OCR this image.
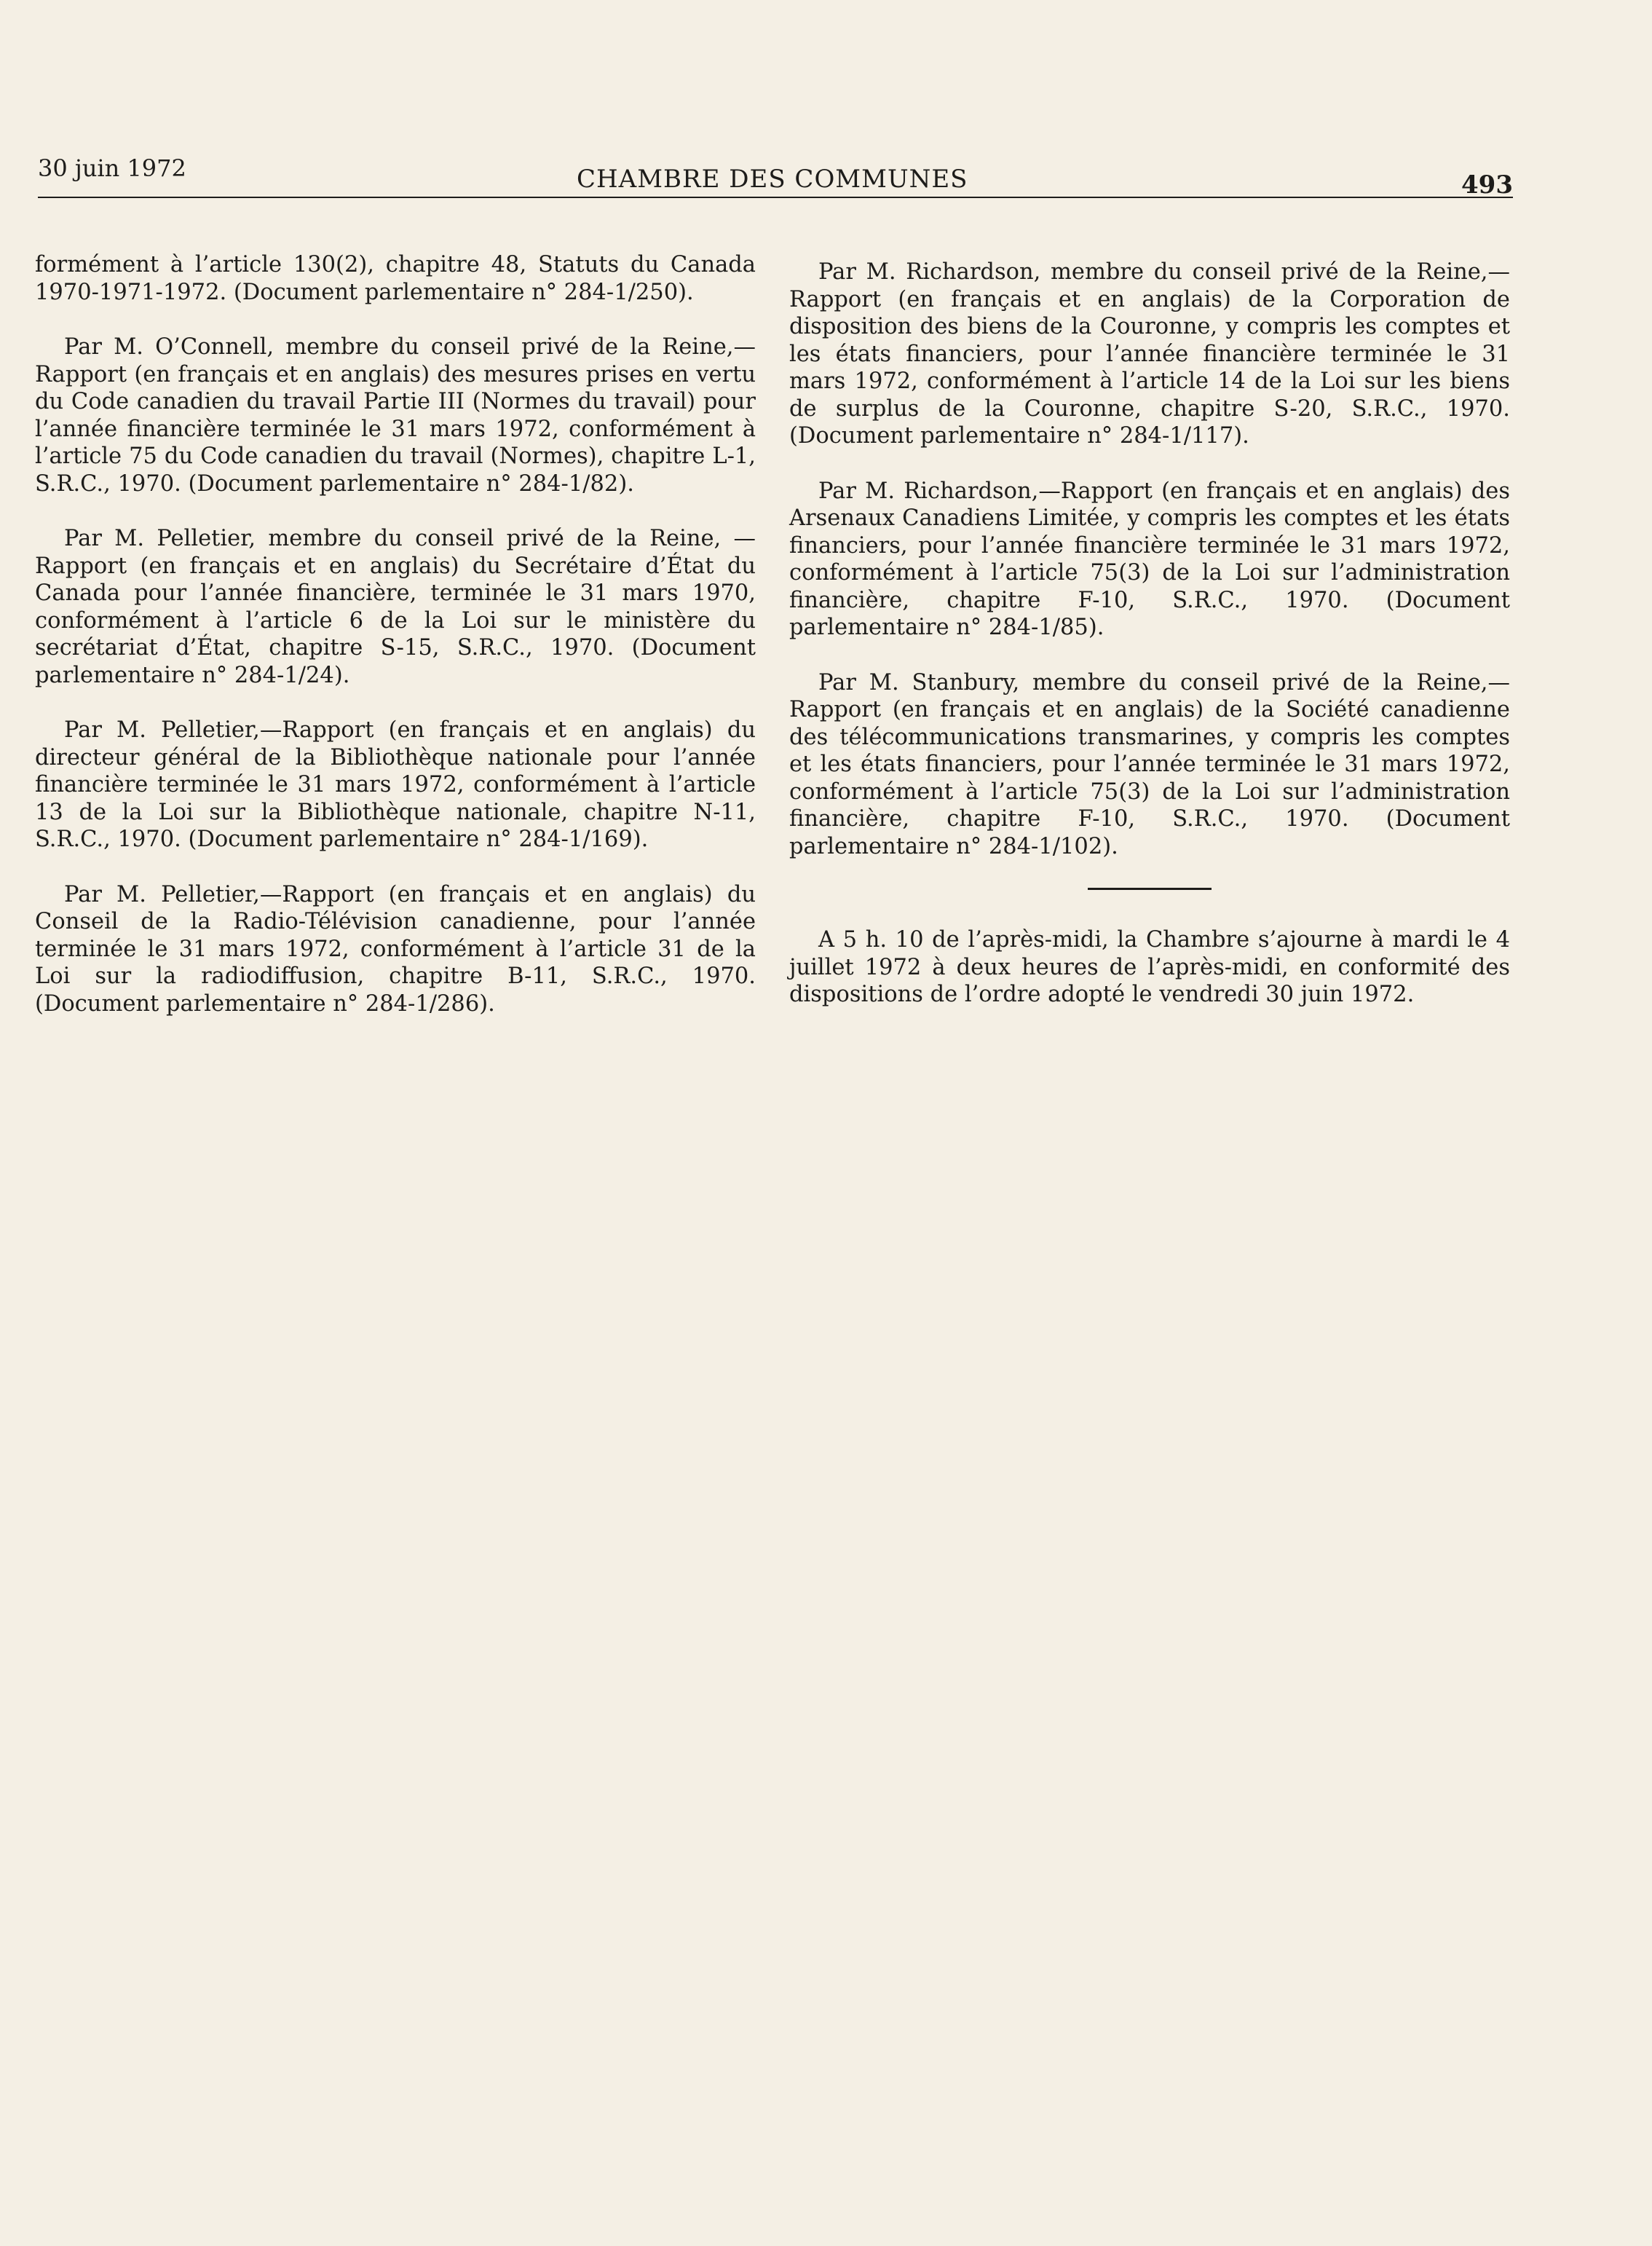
30 juin 1972	CHAMBRE DES COMMUNES	493

formément à l’article 130(2), chapitre 48, Statuts du Canada 1970-1971-1972. (Document parlementaire n° 284-1/250).

Par M. O’Connell, membre du conseil privé de la Reine,—Rapport (en français et en anglais) des mesures prises en vertu du Code canadien du travail Partie III (Normes du travail) pour l’année financière terminée le 31 mars 1972, conformément à l’article 75 du Code canadien du travail (Normes), chapitre L-1, S.R.C., 1970. (Document parlementaire n° 284-1/82).

Par M. Pelletier, membre du conseil privé de la Reine, —Rapport (en français et en anglais) du Secrétaire d’État du Canada pour l’année financière, terminée le 31 mars 1970, conformément à l’article 6 de la Loi sur le ministère du secrétariat d’État, chapitre S-15, S.R.C., 1970. (Document parlementaire n° 284-1/24).

Par M. Pelletier,—Rapport (en français et en anglais) du directeur général de la Bibliothèque nationale pour l’année financière terminée le 31 mars 1972, conformément à l’article 13 de la Loi sur la Bibliothèque nationale, chapitre N-11, S.R.C., 1970. (Document parlementaire n° 284-1/169).

Par M. Pelletier,—Rapport (en français et en anglais) du Conseil de la Radio-Télévision canadienne, pour l’année terminée le 31 mars 1972, conformément à l’article 31 de la Loi sur la radiodiffusion, chapitre B-11, S.R.C., 1970. (Document parlementaire n° 284-1/286).

Par M. Richardson, membre du conseil privé de la Reine,—Rapport (en français et en anglais) de la Corporation de disposition des biens de la Couronne, y compris les comptes et les états financiers, pour l’année financière terminée le 31 mars 1972, conformément à l’article 14 de la Loi sur les biens de surplus de la Couronne, chapitre S-20, S.R.C., 1970. (Document parlementaire n° 284-1/117).

Par M. Richardson,—Rapport (en français et en anglais) des Arsenaux Canadiens Limitée, y compris les comptes et les états financiers, pour l’année financière terminée le 31 mars 1972, conformément à l’article 75(3) de la Loi sur l’administration financière, chapitre F-10, S.R.C., 1970. (Document parlementaire n° 284-1/85).

Par M. Stanbury, membre du conseil privé de la Reine,—Rapport (en français et en anglais) de la Société canadienne des télécommunications transmarines, y compris les comptes et les états financiers, pour l’année terminée le 31 mars 1972, conformément à l’article 75(3) de la Loi sur l’administration financière, chapitre F-10, S.R.C., 1970. (Document parlementaire n° 284-1/102).

A 5 h. 10 de l’après-midi, la Chambre s’ajourne à mardi le 4 juillet 1972 à deux heures de l’après-midi, en conformité des dispositions de l’ordre adopté le vendredi 30 juin 1972.
